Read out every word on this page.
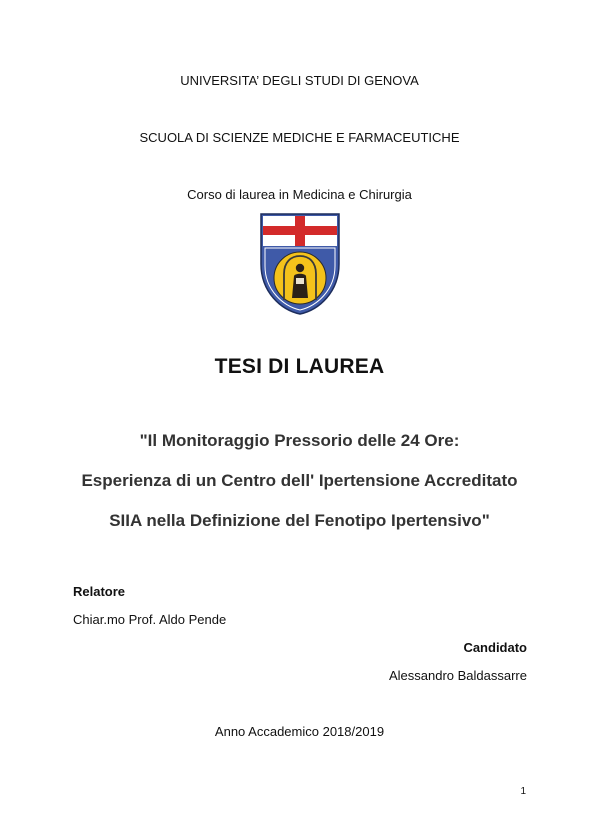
UNIVERSITA’ DEGLI STUDI DI GENOVA
SCUOLA DI SCIENZE MEDICHE E FARMACEUTICHE
Corso di laurea in Medicina e Chirurgia
TESI DI LAUREA
"Il Monitoraggio Pressorio delle 24 Ore:
Esperienza di un Centro dell' Ipertensione Accreditato
SIIA nella Definizione del Fenotipo Ipertensivo"
Relatore
Chiar.mo Prof. Aldo Pende
Candidato
Alessandro Baldassarre
Anno Accademico 2018/2019
1
